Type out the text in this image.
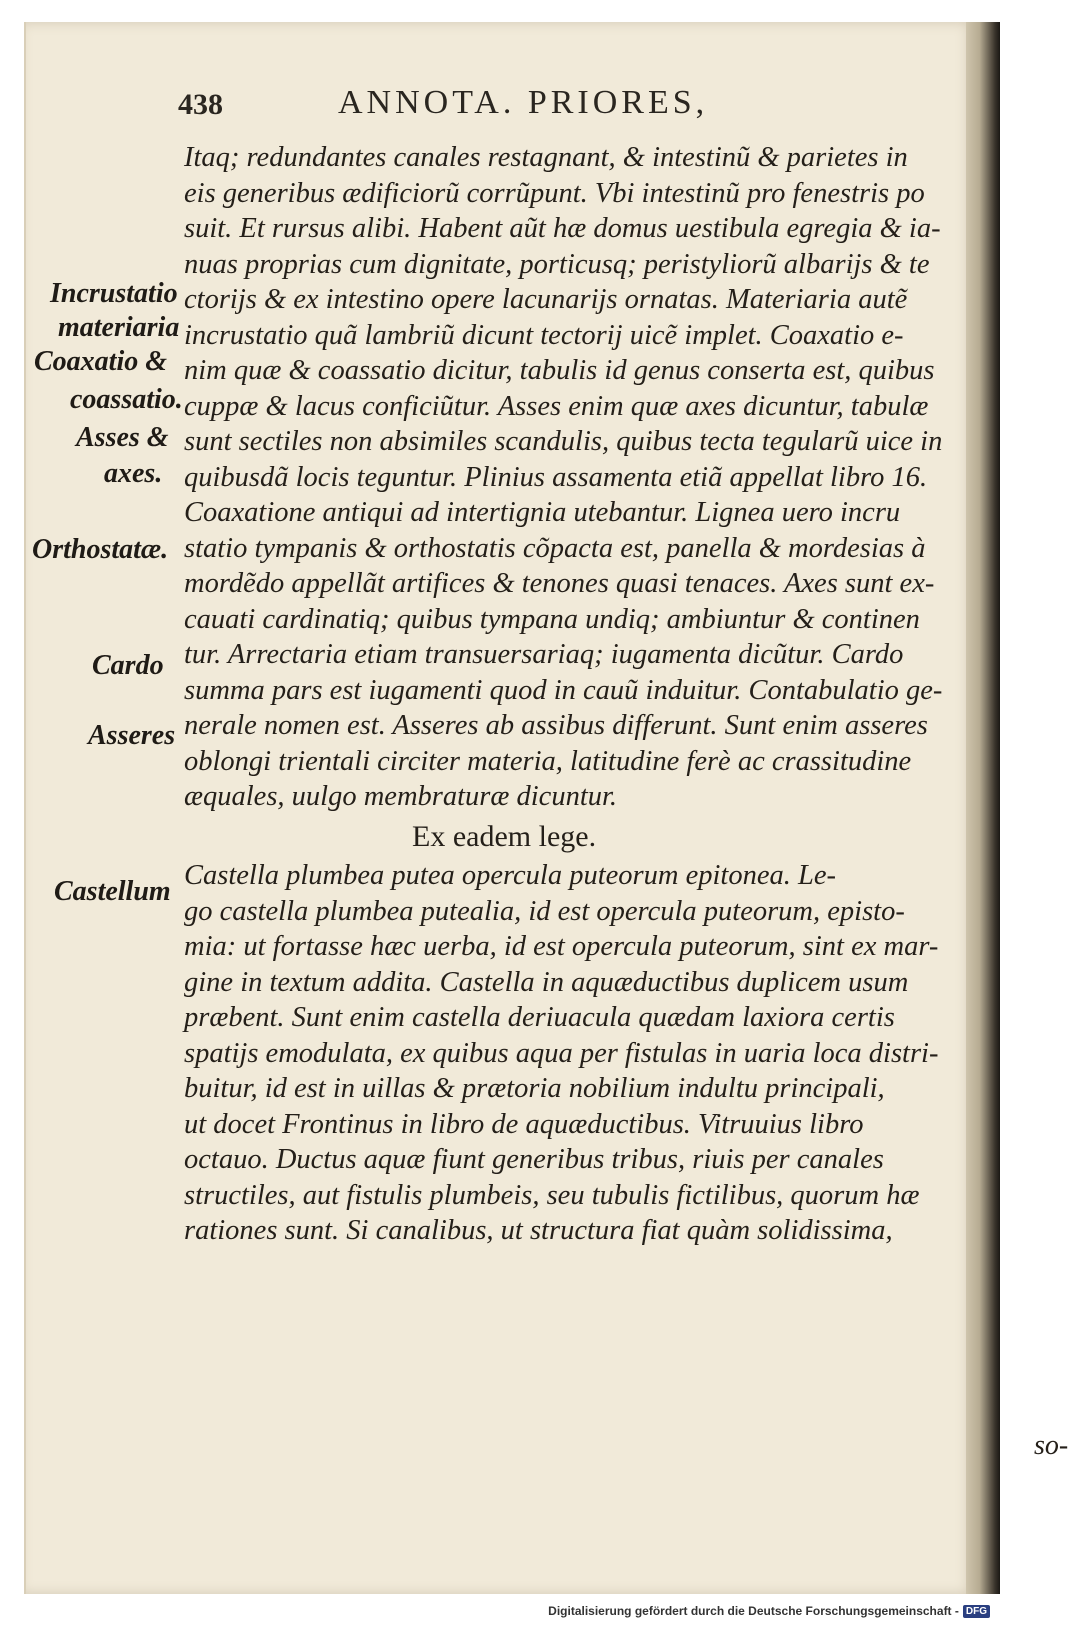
438	ANNOTA. PRIORES,
Incrustatio
materiaria
Coaxatio &
coassatio.
Asses &
axes.
Orthostatæ.
Cardo
Asseres
Castellum
Itaq; redundantes canales restagnant, & intestinũ & parietes in
eis generibus ædificiorũ corrũpunt. Vbi intestinũ pro fenestris po
suit. Et rursus alibi. Habent aũt hæ domus uestibula egregia & ia-
nuas proprias cum dignitate, porticusq; peristyliorũ albarijs & te
ctorijs & ex intestino opere lacunarijs ornatas. Materiaria autẽ
incrustatio quã lambriũ dicunt tectorij uicẽ implet. Coaxatio e-
nim quæ & coassatio dicitur, tabulis id genus conserta est, quibus
cuppæ & lacus conficiũtur. Asses enim quæ axes dicuntur, tabulæ
sunt sectiles non absimiles scandulis, quibus tecta tegularũ uice in
quibusdã locis teguntur. Plinius assamenta etiã appellat libro 16.
Coaxatione antiqui ad intertignia utebantur. Lignea uero incru
statio tympanis & orthostatis cõpacta est, panella & mordesias à
mordẽdo appellãt artifices & tenones quasi tenaces. Axes sunt ex-
cauati cardinatiq; quibus tympana undiq; ambiuntur & continen
tur. Arrectaria etiam transuersariaq; iugamenta dicũtur. Cardo
summa pars est iugamenti quod in cauũ induitur. Contabulatio ge-
nerale nomen est. Asseres ab assibus differunt. Sunt enim asseres
oblongi trientali circiter materia, latitudine ferè ac crassitudine
æquales, uulgo membraturæ dicuntur.
Ex eadem lege.
Castella plumbea putea opercula puteorum epitonea. Le-
go castella plumbea putealia, id est opercula puteorum, episto-
mia: ut fortasse hæc uerba, id est opercula puteorum, sint ex mar-
gine in textum addita. Castella in aquæductibus duplicem usum
præbent. Sunt enim castella deriuacula quædam laxiora certis
spatijs emodulata, ex quibus aqua per fistulas in uaria loca distri-
buitur, id est in uillas & prætoria nobilium indultu principali,
ut docet Frontinus in libro de aquæductibus. Vitruuius libro
octauo. Ductus aquæ fiunt generibus tribus, riuis per canales
structiles, aut fistulis plumbeis, seu tubulis fictilibus, quorum hæ
rationes sunt. Si canalibus, ut structura fiat quàm solidissima,
so-
Digitalisierung gefördert durch die Deutsche Forschungsgemeinschaft - DFG
